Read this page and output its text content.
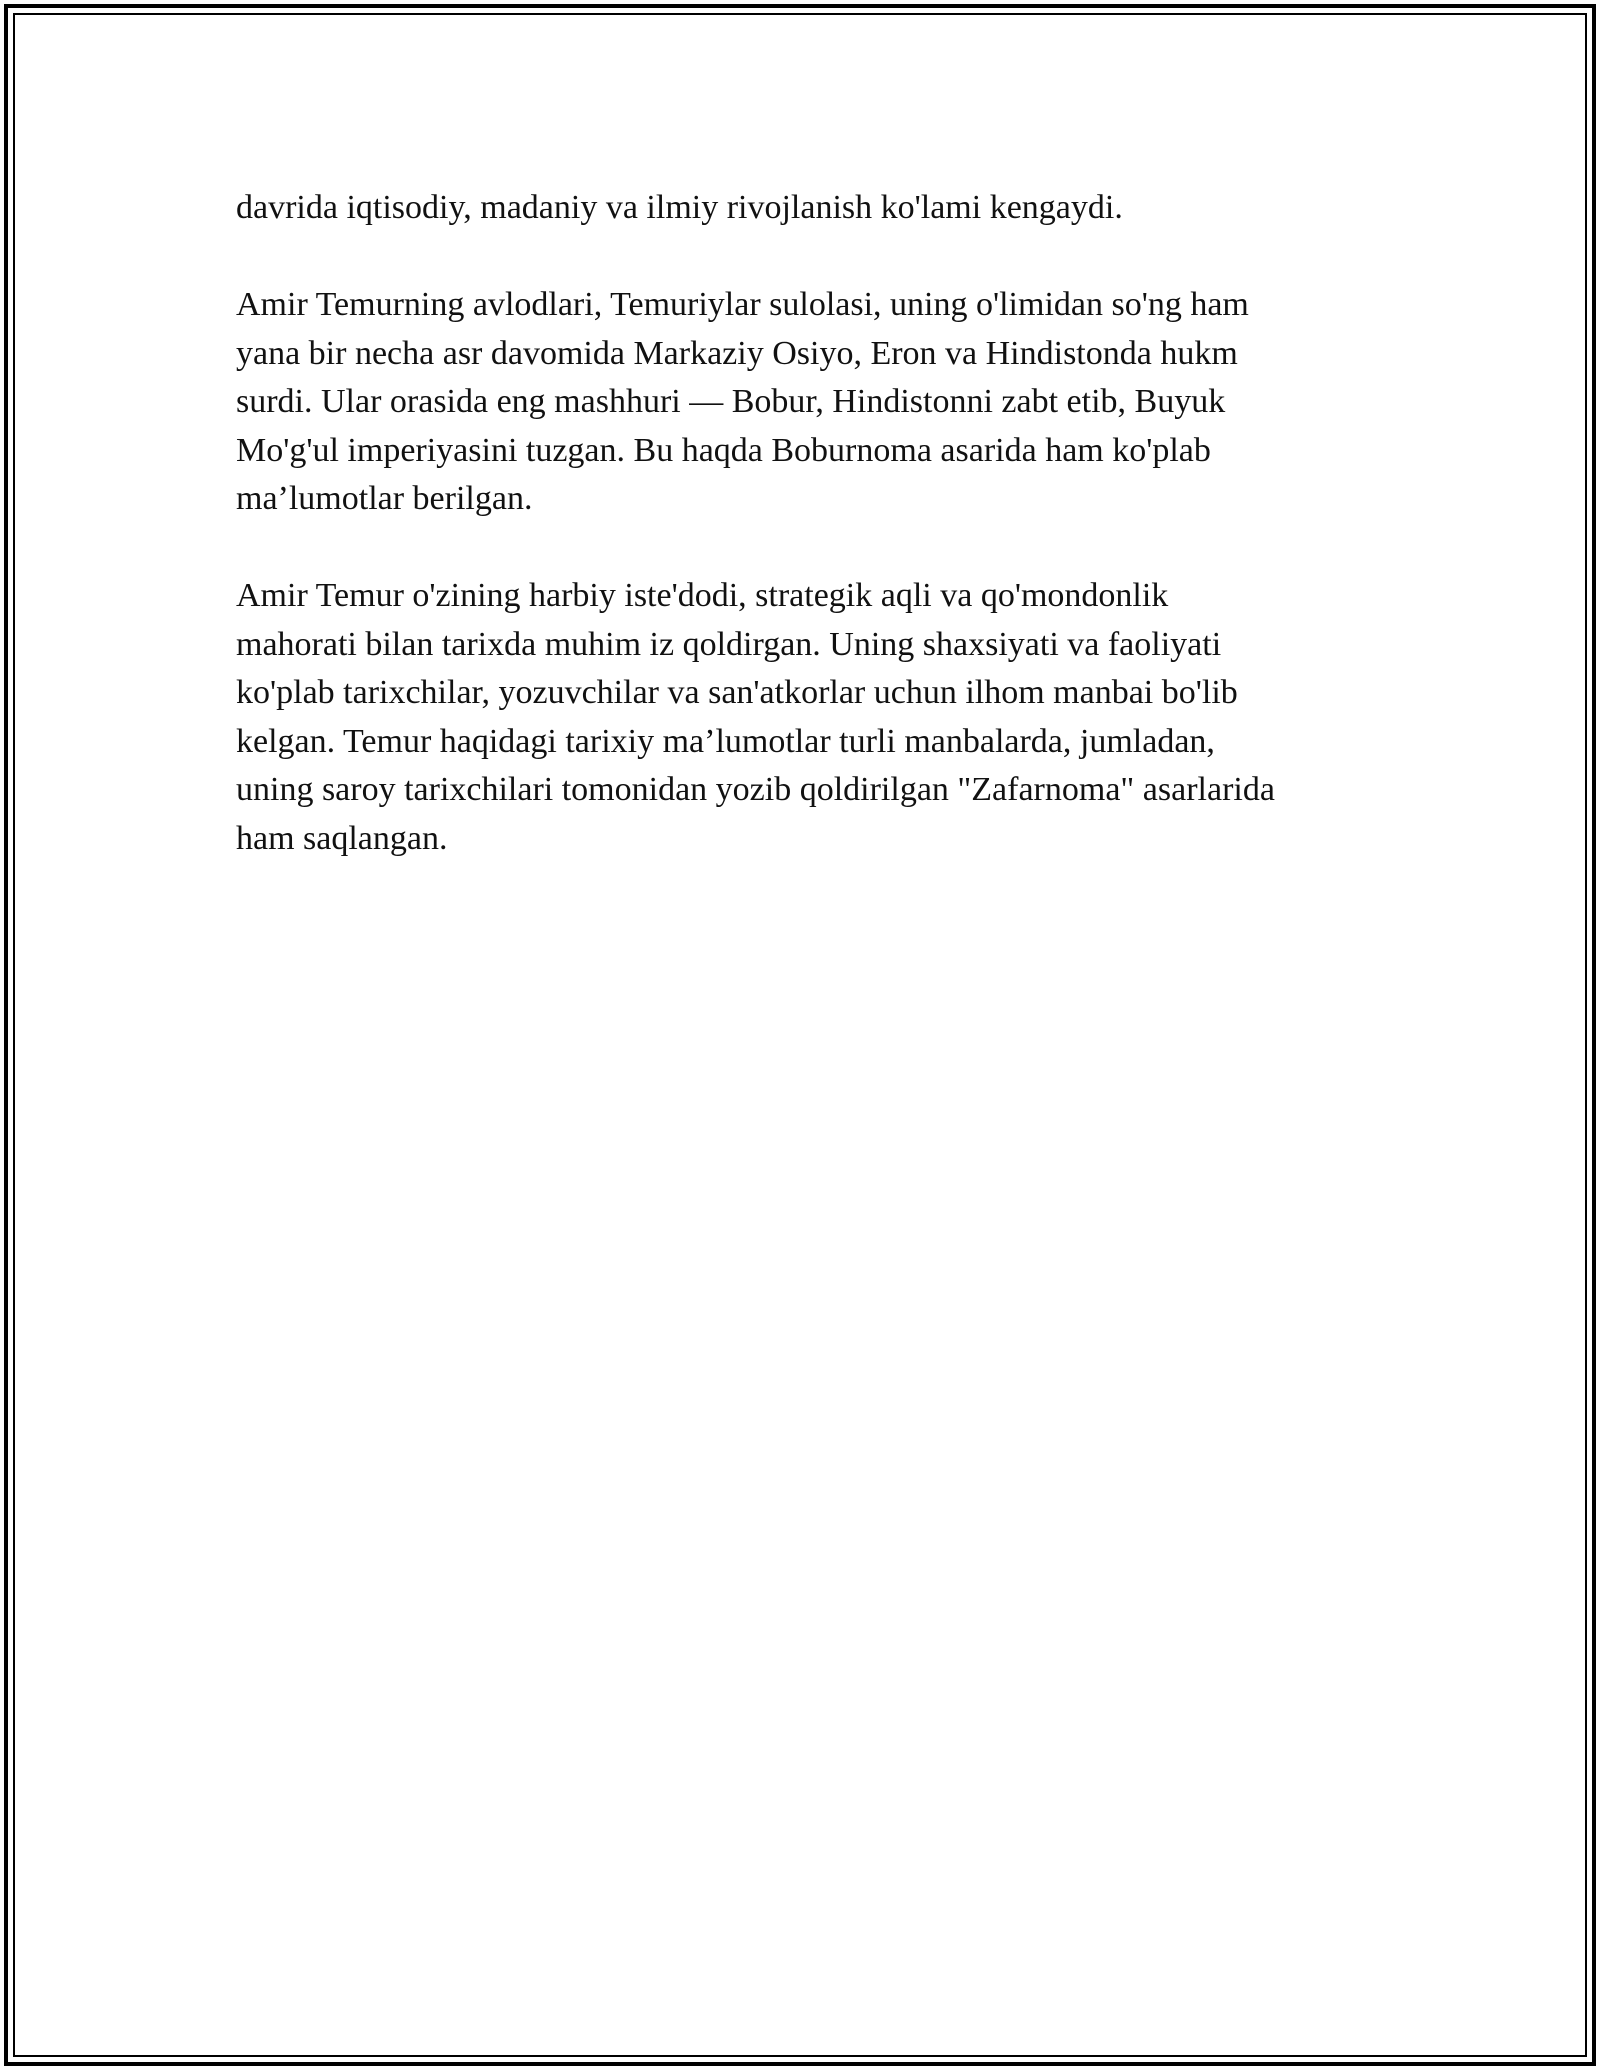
davrida iqtisodiy, madaniy va ilmiy rivojlanish ko'lami kengaydi.

Amir Temurning avlodlari, Temuriylar sulolasi, uning o'limidan so'ng ham
yana bir necha asr davomida Markaziy Osiyo, Eron va Hindistonda hukm
surdi. Ular orasida eng mashhuri — Bobur, Hindistonni zabt etib, Buyuk
Mo'g'ul imperiyasini tuzgan. Bu haqda Boburnoma asarida ham ko'plab
ma’lumotlar berilgan.

Amir Temur o'zining harbiy iste'dodi, strategik aqli va qo'mondonlik
mahorati bilan tarixda muhim iz qoldirgan. Uning shaxsiyati va faoliyati
ko'plab tarixchilar, yozuvchilar va san'atkorlar uchun ilhom manbai bo'lib
kelgan. Temur haqidagi tarixiy ma’lumotlar turli manbalarda, jumladan,
uning saroy tarixchilari tomonidan yozib qoldirilgan "Zafarnoma" asarlarida
ham saqlangan.
